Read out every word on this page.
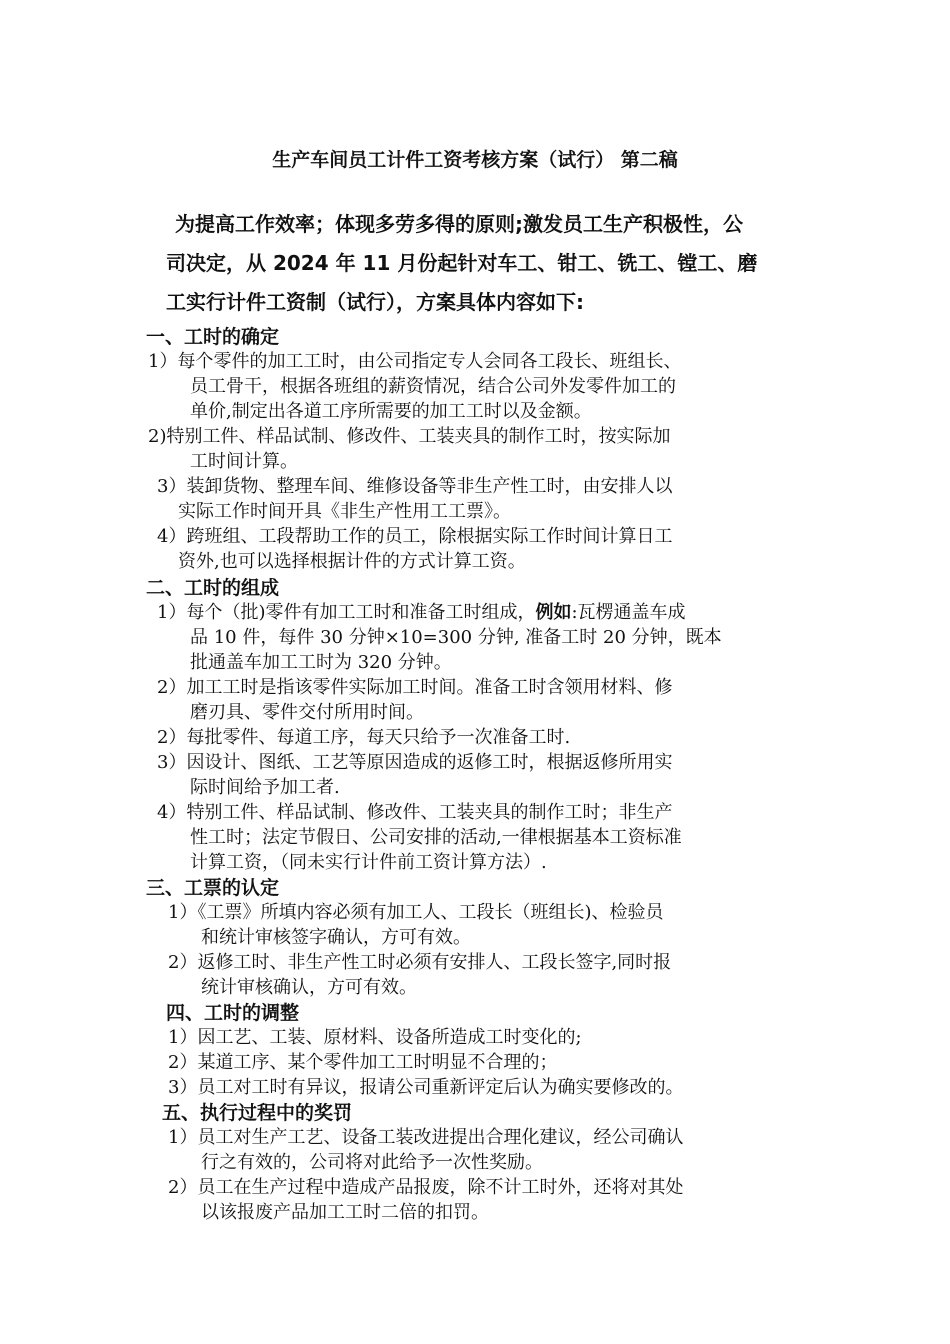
生产车间员工计件工资考核方案（试行） 第二稿
为提高工作效率；体现多劳多得的原则;激发员工生产积极性，公
司决定，从 2024 年 11 月份起针对车工、钳工、铣工、镗工、磨
工实行计件工资制（试行），方案具体内容如下:
一、工时的确定
1）每个零件的加工工时，由公司指定专人会同各工段长、班组长、
员工骨干，根据各班组的薪资情况，结合公司外发零件加工的
单价,制定出各道工序所需要的加工工时以及金额。
2)特别工件、样品试制、修改件、工装夹具的制作工时，按实际加
工时间计算。
3）装卸货物、整理车间、维修设备等非生产性工时，由安排人以
实际工作时间开具《非生产性用工工票》。
4）跨班组、工段帮助工作的员工，除根据实际工作时间计算日工
资外,也可以选择根据计件的方式计算工资。
二、工时的组成
1）每个（批)零件有加工工时和准备工时组成，例如:瓦楞通盖车成
品 10 件，每件 30 分钟×10=300 分钟, 准备工时 20 分钟，既本
批通盖车加工工时为 320 分钟。
2）加工工时是指该零件实际加工时间。准备工时含领用材料、修
磨刃具、零件交付所用时间。
2）每批零件、每道工序，每天只给予一次准备工时.
3）因设计、图纸、工艺等原因造成的返修工时，根据返修所用实
际时间给予加工者.
4）特别工件、样品试制、修改件、工装夹具的制作工时；非生产
性工时；法定节假日、公司安排的活动,一律根据基本工资标准
计算工资，（同未实行计件前工资计算方法）.
三、工票的认定
1）《工票》所填内容必须有加工人、工段长（班组长)、检验员
和统计审核签字确认，方可有效。
2）返修工时、非生产性工时必须有安排人、工段长签字,同时报
统计审核确认，方可有效。
四、工时的调整
1）因工艺、工装、原材料、设备所造成工时变化的;
2）某道工序、某个零件加工工时明显不合理的；
3）员工对工时有异议，报请公司重新评定后认为确实要修改的。
五、执行过程中的奖罚
1）员工对生产工艺、设备工装改进提出合理化建议，经公司确认
行之有效的，公司将对此给予一次性奖励。
2）员工在生产过程中造成产品报废，除不计工时外，还将对其处
以该报废产品加工工时二倍的扣罚。
